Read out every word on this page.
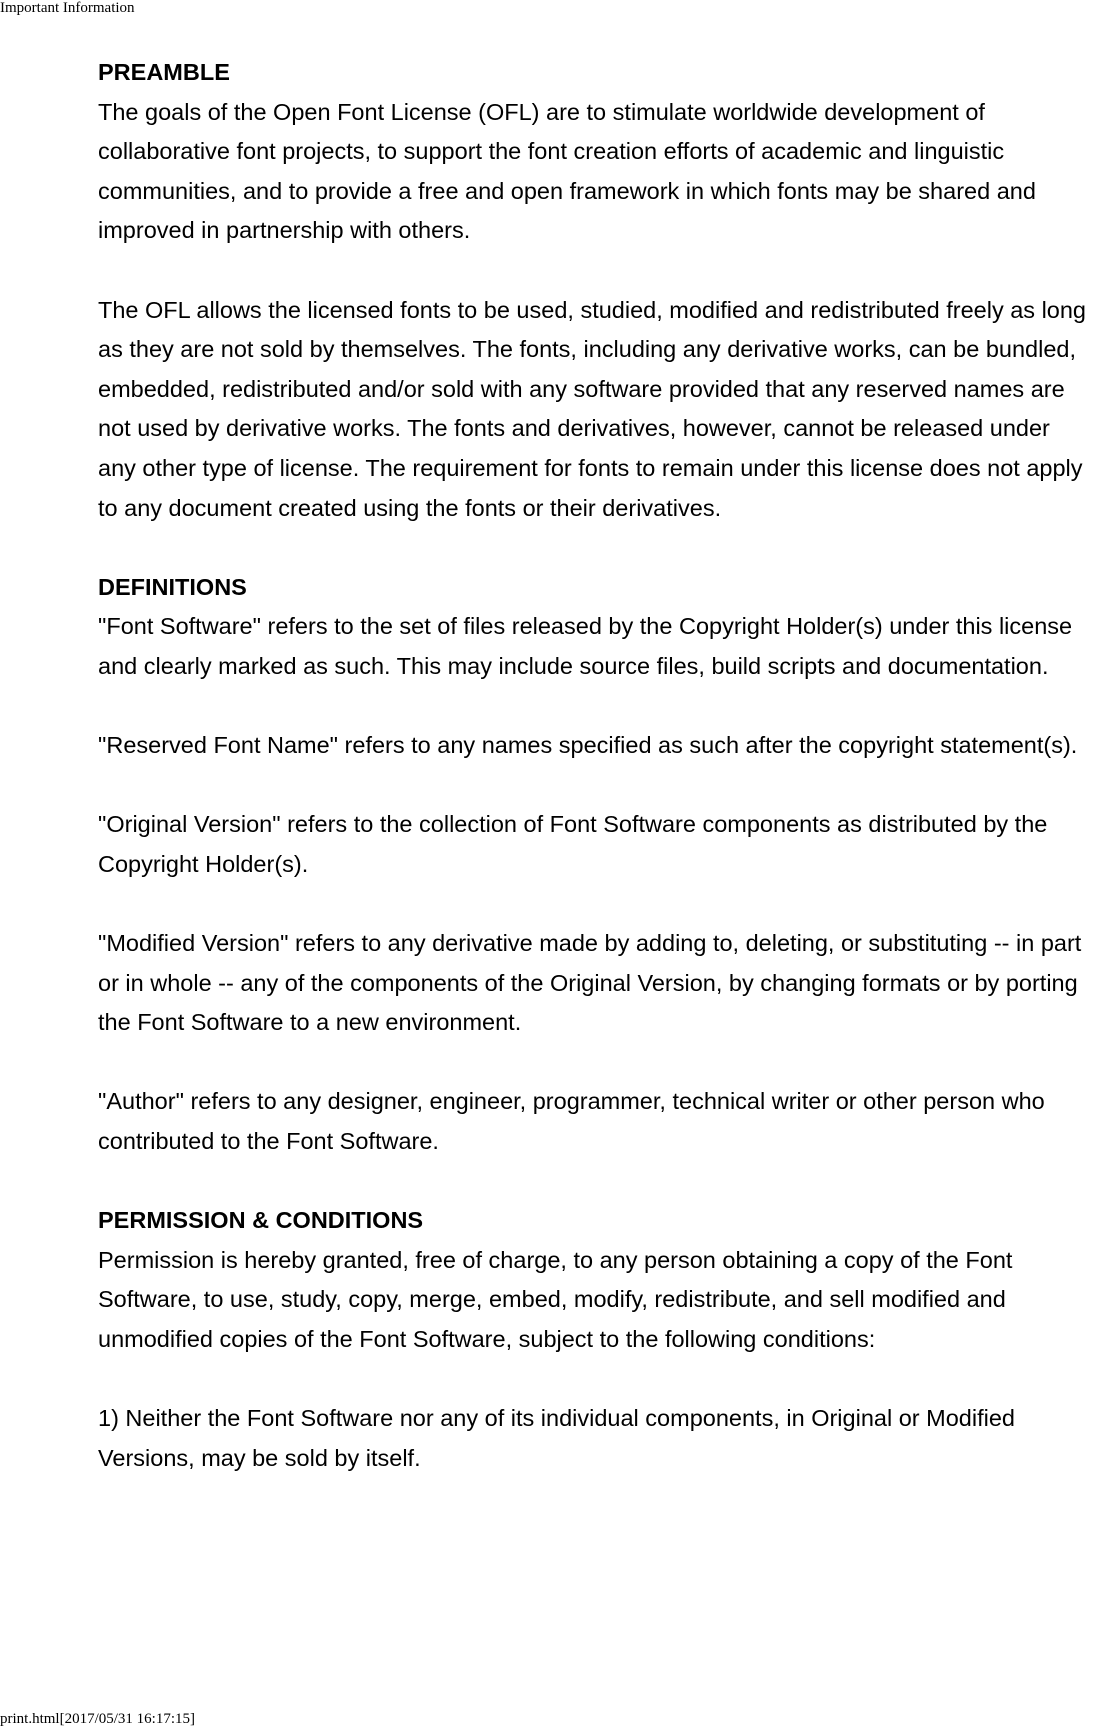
Important Information

PREAMBLE

The goals of the Open Font License (OFL) are to stimulate worldwide development of collaborative font projects, to support the font creation efforts of academic and linguistic communities, and to provide a free and open framework in which fonts may be shared and improved in partnership with others.

The OFL allows the licensed fonts to be used, studied, modified and redistributed freely as long as they are not sold by themselves. The fonts, including any derivative works, can be bundled, embedded, redistributed and/or sold with any software provided that any reserved names are not used by derivative works. The fonts and derivatives, however, cannot be released under any other type of license. The requirement for fonts to remain under this license does not apply to any document created using the fonts or their derivatives.

DEFINITIONS

"Font Software" refers to the set of files released by the Copyright Holder(s) under this license and clearly marked as such. This may include source files, build scripts and documentation.

"Reserved Font Name" refers to any names specified as such after the copyright statement(s).

"Original Version" refers to the collection of Font Software components as distributed by the Copyright Holder(s).

"Modified Version" refers to any derivative made by adding to, deleting, or substituting -- in part or in whole -- any of the components of the Original Version, by changing formats or by porting the Font Software to a new environment.

"Author" refers to any designer, engineer, programmer, technical writer or other person who contributed to the Font Software.

PERMISSION & CONDITIONS

Permission is hereby granted, free of charge, to any person obtaining a copy of the Font Software, to use, study, copy, merge, embed, modify, redistribute, and sell modified and unmodified copies of the Font Software, subject to the following conditions:

1) Neither the Font Software nor any of its individual components, in Original or Modified Versions, may be sold by itself.

print.html[2017/05/31 16:17:15]
